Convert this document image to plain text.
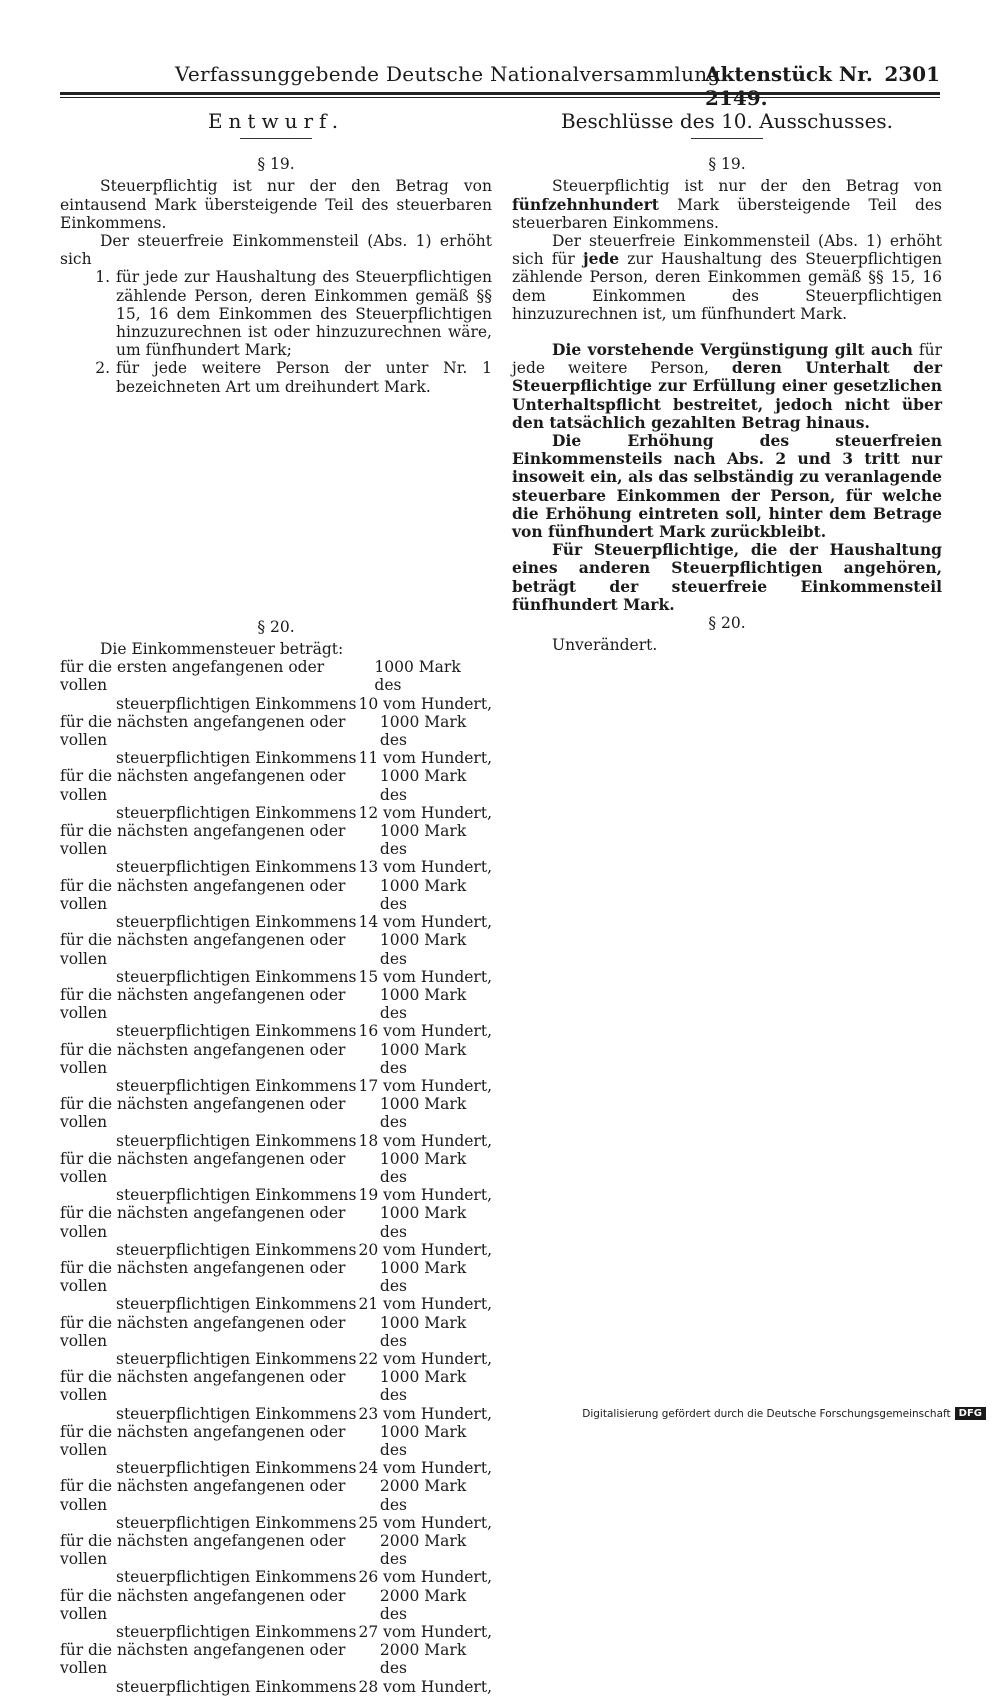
Verfassunggebende Deutsche Nationalversammlung.
Aktenstück Nr. 2149.
2301
Entwurf.
§ 19.

Steuerpflichtig ist nur der den Betrag von eintausend Mark übersteigende Teil des steuerbaren Einkommens.

Der steuerfreie Einkommensteil (Abs. 1) erhöht sich

1. für jede zur Haushaltung des Steuerpflichtigen zählende Person, deren Einkommen gemäß §§ 15, 16 dem Einkommen des Steuerpflichtigen hinzuzurechnen ist oder hinzuzurechnen wäre, um fünfhundert Mark;
2. für jede weitere Person der unter Nr. 1 bezeichneten Art um dreihundert Mark.
§ 20.

Die Einkommensteuer beträgt:

für die ersten angefangenen oder vollen
1000 Mark des
steuerpflichtigen Einkommens 10 vom Hundert,
für die nächsten angefangenen oder vollen
1000 Mark des
steuerpflichtigen Einkommens 11 vom Hundert,
für die nächsten angefangenen oder vollen
1000 Mark des
steuerpflichtigen Einkommens 12 vom Hundert,
für die nächsten angefangenen oder vollen
1000 Mark des
steuerpflichtigen Einkommens 13 vom Hundert,
für die nächsten angefangenen oder vollen
1000 Mark des
steuerpflichtigen Einkommens 14 vom Hundert,
für die nächsten angefangenen oder vollen
1000 Mark des
steuerpflichtigen Einkommens 15 vom Hundert,
für die nächsten angefangenen oder vollen
1000 Mark des
steuerpflichtigen Einkommens 16 vom Hundert,
für die nächsten angefangenen oder vollen
1000 Mark des
steuerpflichtigen Einkommens 17 vom Hundert,
für die nächsten angefangenen oder vollen
1000 Mark des
steuerpflichtigen Einkommens 18 vom Hundert,
für die nächsten angefangenen oder vollen
1000 Mark des
steuerpflichtigen Einkommens 19 vom Hundert,
für die nächsten angefangenen oder vollen
1000 Mark des
steuerpflichtigen Einkommens 20 vom Hundert,
für die nächsten angefangenen oder vollen
1000 Mark des
steuerpflichtigen Einkommens 21 vom Hundert,
für die nächsten angefangenen oder vollen
1000 Mark des
steuerpflichtigen Einkommens 22 vom Hundert,
für die nächsten angefangenen oder vollen
1000 Mark des
steuerpflichtigen Einkommens 23 vom Hundert,
für die nächsten angefangenen oder vollen
1000 Mark des
steuerpflichtigen Einkommens 24 vom Hundert,
für die nächsten angefangenen oder vollen
2000 Mark des
steuerpflichtigen Einkommens 25 vom Hundert,
für die nächsten angefangenen oder vollen
2000 Mark des
steuerpflichtigen Einkommens 26 vom Hundert,
für die nächsten angefangenen oder vollen
2000 Mark des
steuerpflichtigen Einkommens 27 vom Hundert,
für die nächsten angefangenen oder vollen
2000 Mark des
steuerpflichtigen Einkommens 28 vom Hundert,
Beschlüsse des 10. Ausschusses.
§ 19.

Steuerpflichtig ist nur der den Betrag von fünfzehnhundert Mark übersteigende Teil des steuerbaren Einkommens.

Der steuerfreie Einkommensteil (Abs. 1) erhöht sich für jede zur Haushaltung des Steuerpflichtigen zählende Person, deren Einkommen gemäß §§ 15, 16 dem Einkommen des Steuerpflichtigen hinzuzurechnen ist, um fünfhundert Mark.

Die vorstehende Vergünstigung gilt auch für jede weitere Person, deren Unterhalt der Steuerpflichtige zur Erfüllung einer gesetzlichen Unterhaltspflicht bestreitet, jedoch nicht über den tatsächlich gezahlten Betrag hinaus.

Die Erhöhung des steuerfreien Einkommensteils nach Abs. 2 und 3 tritt nur insoweit ein, als das selbständig zu veranlagende steuerbare Einkommen der Person, für welche die Erhöhung eintreten soll, hinter dem Betrage von fünfhundert Mark zurückbleibt.

Für Steuerpflichtige, die der Haushaltung eines anderen Steuerpflichtigen angehören, beträgt der steuerfreie Einkommensteil fünfhundert Mark.

§ 20.

Unverändert.

Digitalisierung gefördert durch die Deutsche Forschungsgemeinschaft DFG
